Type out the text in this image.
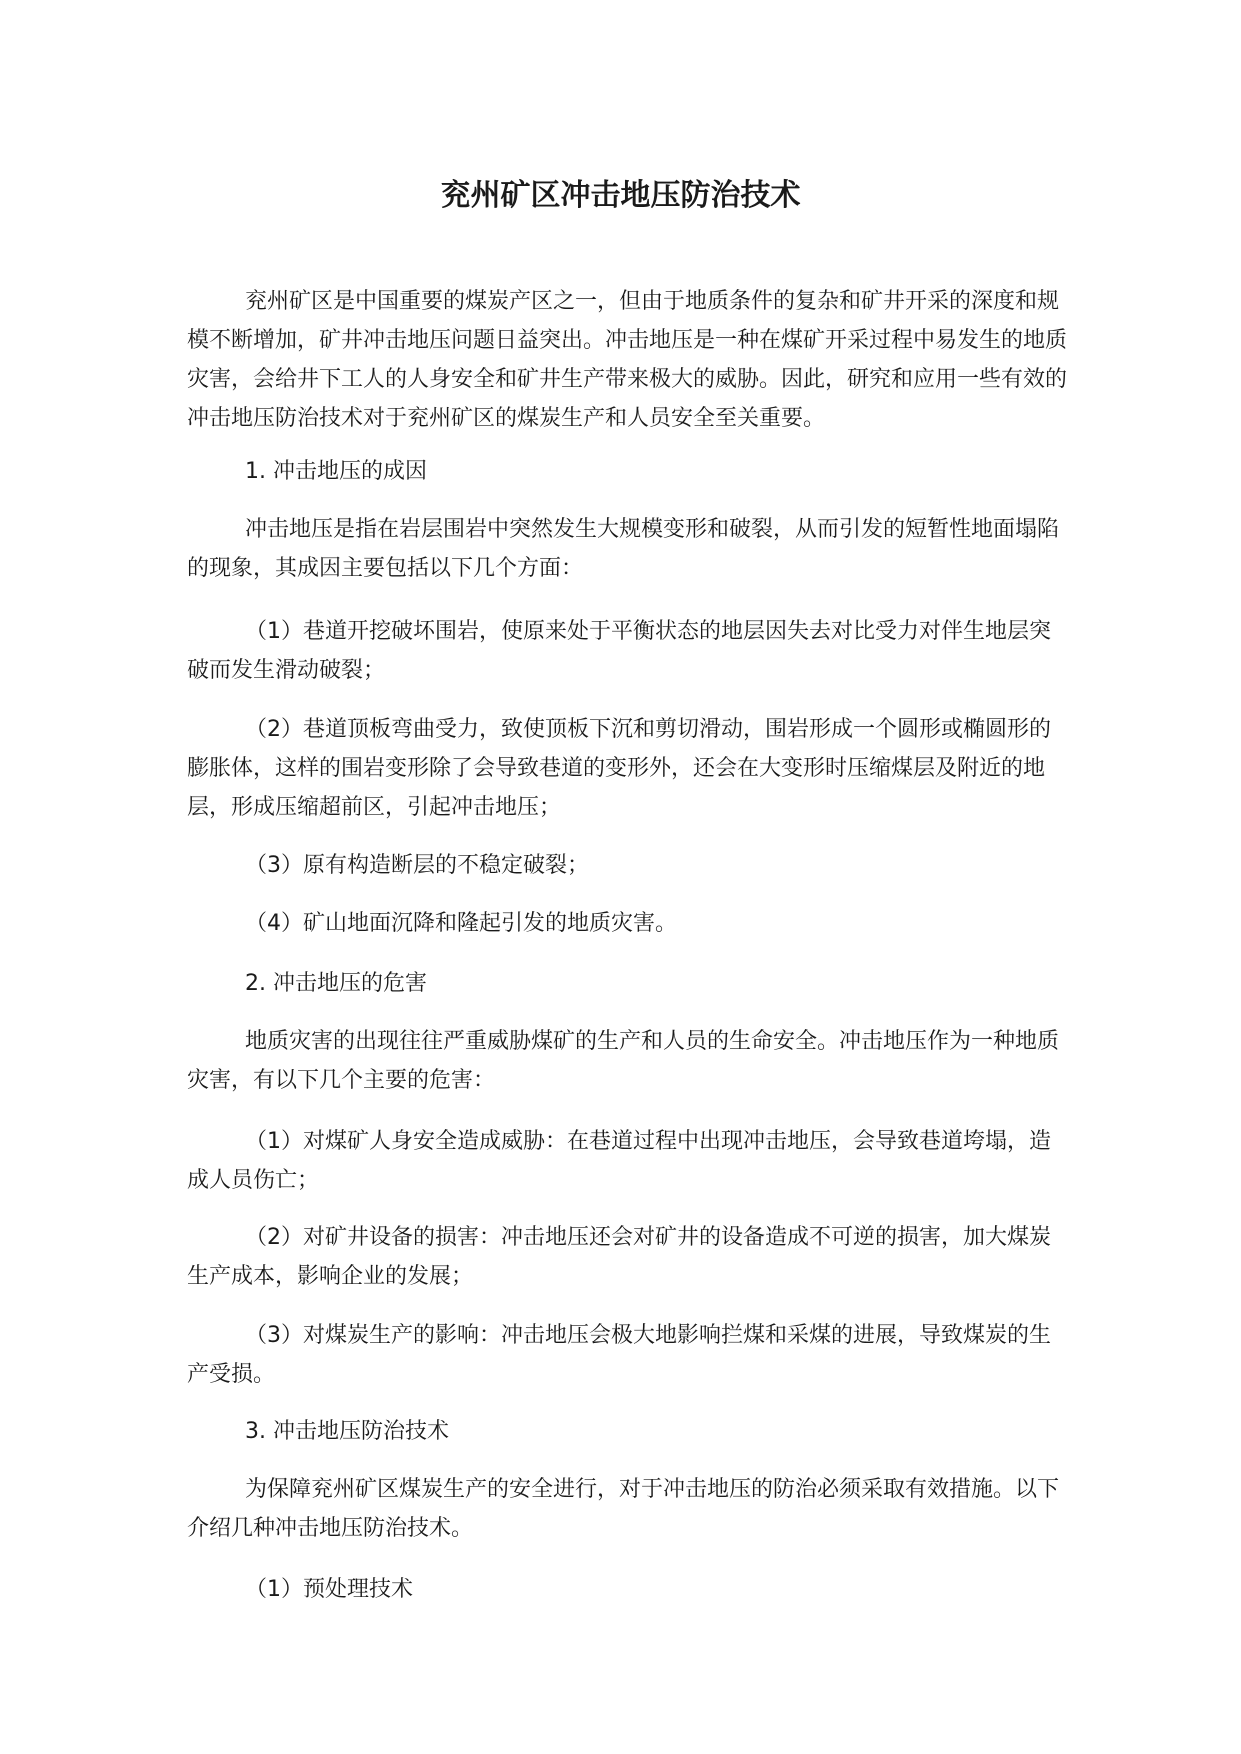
兖州矿区冲击地压防治技术

兖州矿区是中国重要的煤炭产区之一，但由于地质条件的复杂和矿井开采的深度和规模不断增加，矿井冲击地压问题日益突出。冲击地压是一种在煤矿开采过程中易发生的地质灾害，会给井下工人的人身安全和矿井生产带来极大的威胁。因此，研究和应用一些有效的冲击地压防治技术对于兖州矿区的煤炭生产和人员安全至关重要。

1. 冲击地压的成因

冲击地压是指在岩层围岩中突然发生大规模变形和破裂，从而引发的短暂性地面塌陷的现象，其成因主要包括以下几个方面：

（1）巷道开挖破坏围岩，使原来处于平衡状态的地层因失去对比受力对伴生地层突破而发生滑动破裂；

（2）巷道顶板弯曲受力，致使顶板下沉和剪切滑动，围岩形成一个圆形或椭圆形的膨胀体，这样的围岩变形除了会导致巷道的变形外，还会在大变形时压缩煤层及附近的地层，形成压缩超前区，引起冲击地压；

（3）原有构造断层的不稳定破裂；

（4）矿山地面沉降和隆起引发的地质灾害。

2. 冲击地压的危害

地质灾害的出现往往严重威胁煤矿的生产和人员的生命安全。冲击地压作为一种地质灾害，有以下几个主要的危害：

（1）对煤矿人身安全造成威胁：在巷道过程中出现冲击地压，会导致巷道垮塌，造成人员伤亡；

（2）对矿井设备的损害：冲击地压还会对矿井的设备造成不可逆的损害，加大煤炭生产成本，影响企业的发展；

（3）对煤炭生产的影响：冲击地压会极大地影响拦煤和采煤的进展，导致煤炭的生产受损。

3. 冲击地压防治技术

为保障兖州矿区煤炭生产的安全进行，对于冲击地压的防治必须采取有效措施。以下介绍几种冲击地压防治技术。

（1）预处理技术
